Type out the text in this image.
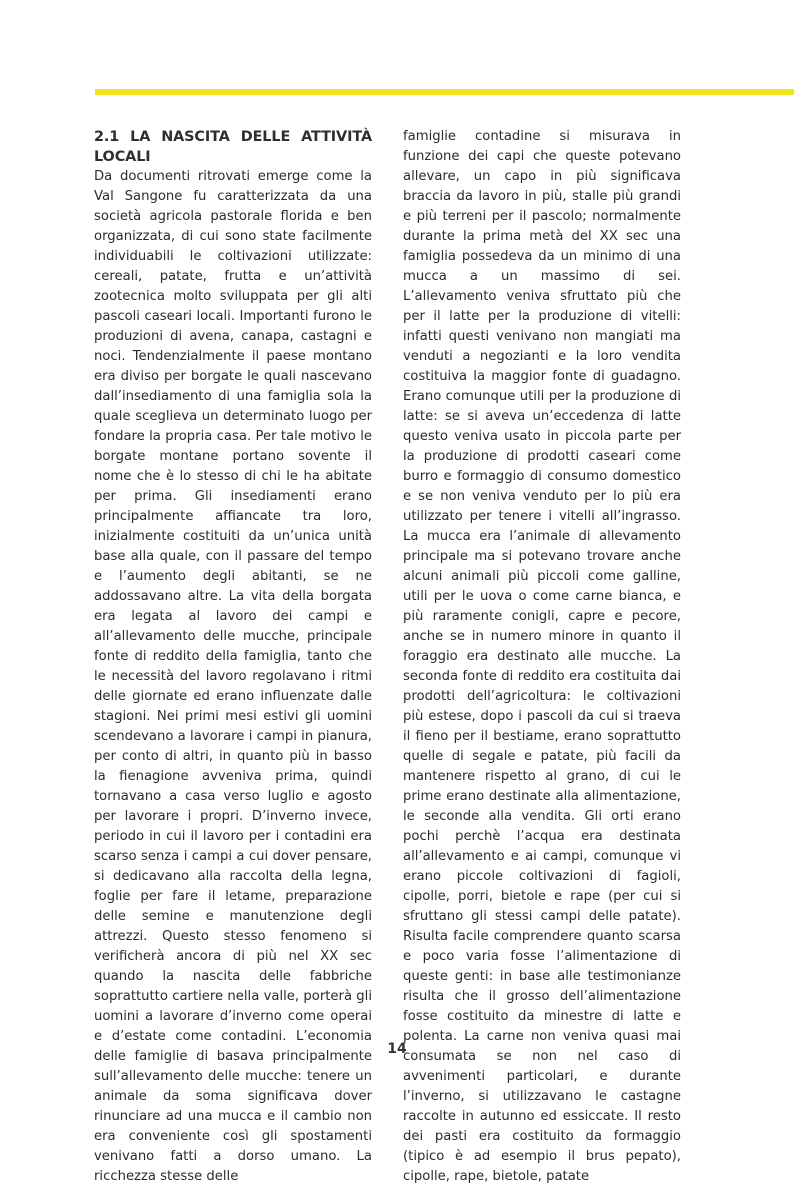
2.1 LA NASCITA DELLE ATTIVITÀ LOCALI

Da documenti ritrovati emerge come la Val Sangone fu caratterizzata da una società agricola pastorale florida e ben organizzata, di cui sono state facilmente individuabili le coltivazioni utilizzate: cereali, patate, frutta e un’attività zootecnica molto sviluppata per gli alti pascoli caseari locali. Importanti furono le produzioni di avena, canapa, castagni e noci. Tendenzialmente il paese montano era diviso per borgate le quali nascevano dall’insediamento di una famiglia sola la quale sceglieva un determinato luogo per fondare la propria casa. Per tale motivo le borgate montane portano sovente il nome che è lo stesso di chi le ha abitate per prima. Gli insediamenti erano principalmente affiancate tra loro, inizialmente costituiti da un’unica unità base alla quale, con il passare del tempo e l’aumento degli abitanti, se ne addossavano altre. La vita della borgata era legata al lavoro dei campi e all’allevamento delle mucche, principale fonte di reddito della famiglia, tanto che le necessità del lavoro regolavano i ritmi delle giornate ed erano influenzate dalle stagioni. Nei primi mesi estivi gli uomini scendevano a lavorare i campi in pianura, per conto di altri, in quanto più in basso la fienagione avveniva prima, quindi tornavano a casa verso luglio e agosto per lavorare i propri. D’inverno invece, periodo in cui il lavoro per i contadini era scarso senza i campi a cui dover pensare, si dedicavano alla raccolta della legna, foglie per fare il letame, preparazione delle semine e manutenzione degli attrezzi. Questo stesso fenomeno si verificherà ancora di più nel XX sec quando la nascita delle fabbriche soprattutto cartiere nella valle, porterà gli uomini a lavorare d’inverno come operai e d’estate come contadini. L’economia delle famiglie di basava principalmente sull’allevamento delle mucche: tenere un animale da soma significava dover rinunciare ad una mucca e il cambio non era conveniente così gli spostamenti venivano fatti a dorso umano. La ricchezza stesse delle

famiglie contadine si misurava in funzione dei capi che queste potevano allevare, un capo in più significava braccia da lavoro in più, stalle più grandi e più terreni per il pascolo; normalmente durante la prima metà del XX sec una famiglia possedeva da un minimo di una mucca a un massimo di sei. L’allevamento veniva sfruttato più che per il latte per la produzione di vitelli: infatti questi venivano non mangiati ma venduti a negozianti e la loro vendita costituiva la maggior fonte di guadagno. Erano comunque utili per la produzione di latte: se si aveva un’eccedenza di latte questo veniva usato in piccola parte per la produzione di prodotti caseari come burro e formaggio di consumo domestico e se non veniva venduto per lo più era utilizzato per tenere i vitelli all’ingrasso. La mucca era l’animale di allevamento principale ma si potevano trovare anche alcuni animali più piccoli come galline, utili per le uova o come carne bianca, e più raramente conigli, capre e pecore, anche se in numero minore in quanto il foraggio era destinato alle mucche. La seconda fonte di reddito era costituita dai prodotti dell’agricoltura: le coltivazioni più estese, dopo i pascoli da cui si traeva il fieno per il bestiame, erano soprattutto quelle di segale e patate, più facili da mantenere rispetto al grano, di cui le prime erano destinate alla alimentazione, le seconde alla vendita. Gli orti erano pochi perchè l’acqua era destinata all’allevamento e ai campi, comunque vi erano piccole coltivazioni di fagioli, cipolle, porri, bietole e rape (per cui si sfruttano gli stessi campi delle patate). Risulta facile comprendere quanto scarsa e poco varia fosse l’alimentazione di queste genti: in base alle testimonianze risulta che il grosso dell’alimentazione fosse costituito da minestre di latte e polenta. La carne non veniva quasi mai consumata se non nel caso di avvenimenti particolari, e durante l’inverno, si utilizzavano le castagne raccolte in autunno ed essiccate. Il resto dei pasti era costituito da formaggio (tipico è ad esempio il brus pepato), cipolle, rape, bietole, patate

14
